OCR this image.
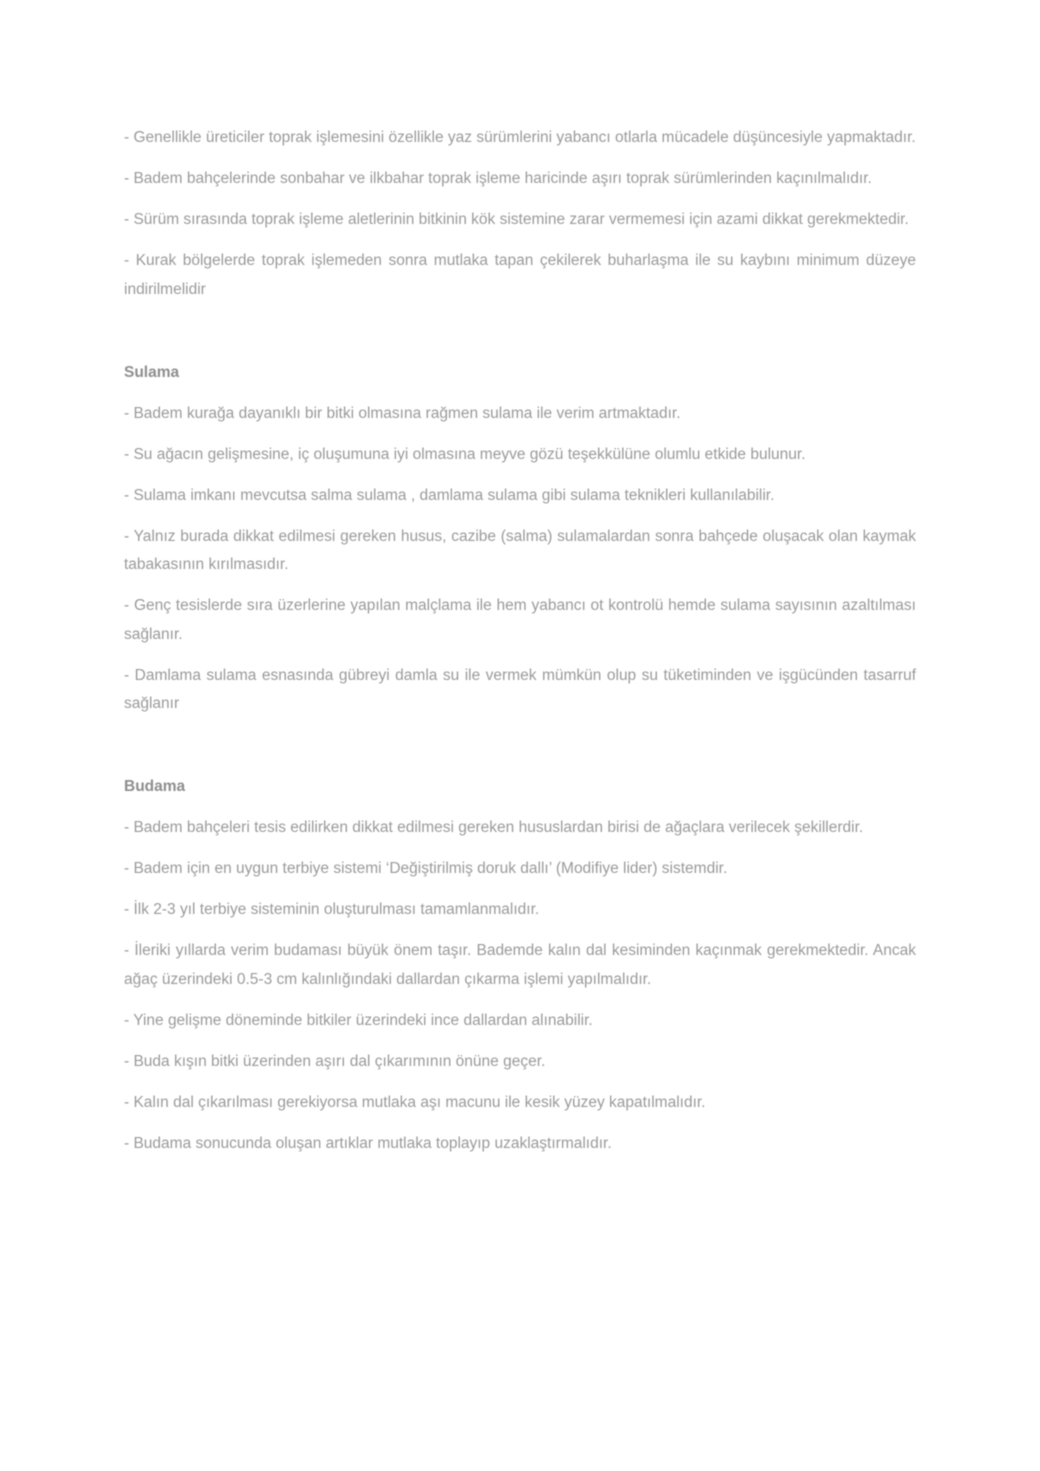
- Genellikle üreticiler toprak işlemesini özellikle yaz sürümlerini yabancı otlarla mücadele düşüncesiyle yapmaktadır.

- Badem bahçelerinde sonbahar ve ilkbahar toprak işleme haricinde aşırı toprak sürümlerinden kaçınılmalıdır.

- Sürüm sırasında toprak işleme aletlerinin bitkinin kök sistemine zarar vermemesi için azami dikkat gerekmektedir.

- Kurak bölgelerde toprak işlemeden sonra mutlaka tapan çekilerek buharlaşma ile su kaybını minimum düzeye indirilmelidir

Sulama

- Badem kurağa dayanıklı bir bitki olmasına rağmen sulama ile verim artmaktadır.

- Su ağacın gelişmesine, iç oluşumuna iyi olmasına meyve gözü teşekkülüne olumlu etkide bulunur.

- Sulama imkanı mevcutsa salma sulama , damlama sulama gibi sulama teknikleri kullanılabilir.

- Yalnız burada dikkat edilmesi gereken husus, cazibe (salma) sulamalardan sonra bahçede oluşacak olan kaymak tabakasının kırılmasıdır.

- Genç tesislerde sıra üzerlerine yapılan malçlama ile hem yabancı ot kontrolü hemde sulama sayısının azaltılması sağlanır.

- Damlama sulama esnasında gübreyi damla su ile vermek mümkün olup su tüketiminden ve işgücünden tasarruf sağlanır

Budama

- Badem bahçeleri tesis edilirken dikkat edilmesi gereken hususlardan birisi de ağaçlara verilecek şekillerdir.

- Badem için en uygun terbiye sistemi ‘Değiştirilmiş doruk dallı’ (Modifiye lider) sistemdir.

- İlk 2-3 yıl terbiye sisteminin oluşturulması tamamlanmalıdır.

- İleriki yıllarda verim budaması büyük önem taşır. Bademde kalın dal kesiminden kaçınmak gerekmektedir. Ancak ağaç üzerindeki 0.5-3 cm kalınlığındaki dallardan çıkarma işlemi yapılmalıdır.

- Yine gelişme döneminde bitkiler üzerindeki ince dallardan alınabilir.

- Buda kışın bitki üzerinden aşırı dal çıkarımının önüne geçer.

- Kalın dal çıkarılması gerekiyorsa mutlaka aşı macunu ile kesik yüzey kapatılmalıdır.

- Budama sonucunda oluşan artıklar mutlaka toplayıp uzaklaştırmalıdır.
